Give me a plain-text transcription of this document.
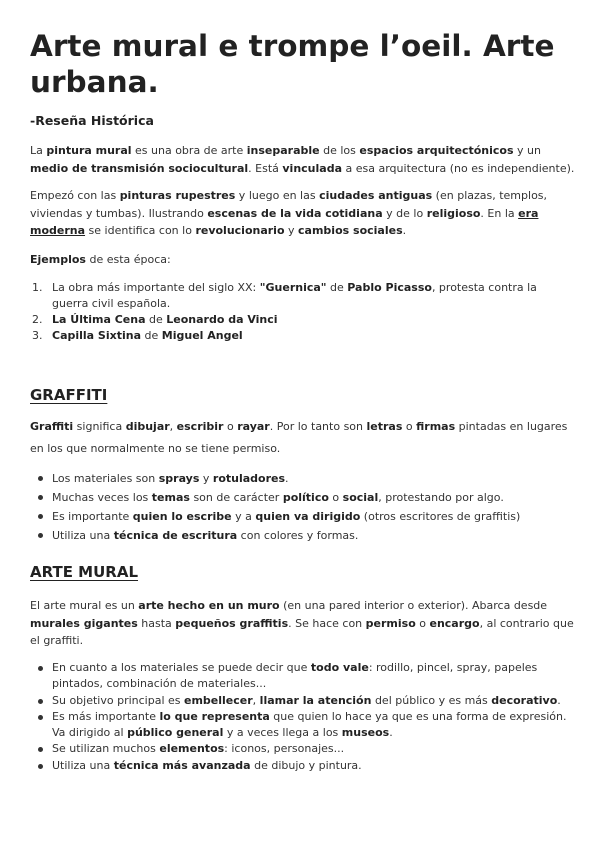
Arte mural e trompe l’oeil. Arte urbana.
-Reseña Histórica

La pintura mural es una obra de arte inseparable de los espacios arquitectónicos y un medio de transmisión sociocultural. Está vinculada a esa arquitectura (no es independiente).

Empezó con las pinturas rupestres y luego en las ciudades antiguas (en plazas, templos, viviendas y tumbas). Ilustrando escenas de la vida cotidiana y de lo religioso. En la era moderna se identifica con lo revolucionario y cambios sociales.

Ejemplos de esta época:

1. La obra más importante del siglo XX: "Guernica" de Pablo Picasso, protesta contra la guerra civil española.
2. La Última Cena de Leonardo da Vinci
3. Capilla Sixtina de Miguel Angel
GRAFFITI

Graffiti significa dibujar, escribir o rayar. Por lo tanto son letras o firmas pintadas en lugares en los que normalmente no se tiene permiso.

Los materiales son sprays y rotuladores.
Muchas veces los temas son de carácter político o social, protestando por algo.
Es importante quien lo escribe y a quien va dirigido (otros escritores de graffitis)
Utiliza una técnica de escritura con colores y formas.
ARTE MURAL

El arte mural es un arte hecho en un muro (en una pared interior o exterior). Abarca desde murales gigantes hasta pequeños graffitis. Se hace con permiso o encargo, al contrario que el graffiti.

En cuanto a los materiales se puede decir que todo vale: rodillo, pincel, spray, papeles pintados, combinación de materiales...
Su objetivo principal es embellecer, llamar la atención del público y es más decorativo.
Es más importante lo que representa que quien lo hace ya que es una forma de expresión. Va dirigido al público general y a veces llega a los museos.
Se utilizan muchos elementos: iconos, personajes...
Utiliza una técnica más avanzada de dibujo y pintura.
